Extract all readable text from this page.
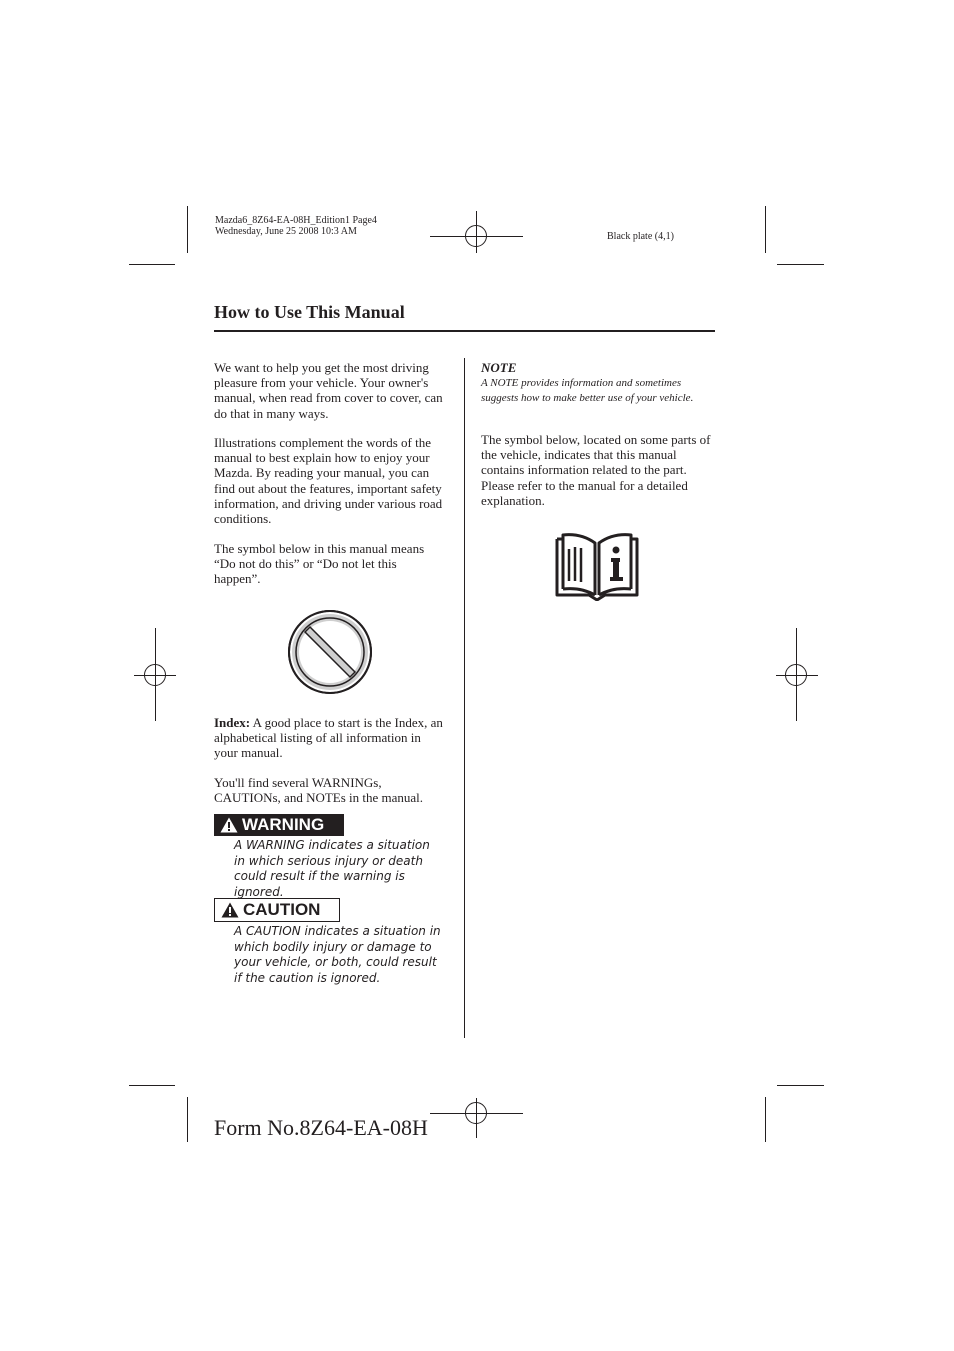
Mazda6_8Z64-EA-08H_Edition1 Page4
Wednesday, June 25 2008 10:3 AM	Black plate (4,1)
How to Use This Manual

We want to help you get the most driving pleasure from your vehicle. Your owner's manual, when read from cover to cover, can do that in many ways.

Illustrations complement the words of the manual to best explain how to enjoy your Mazda. By reading your manual, you can find out about the features, important safety information, and driving under various road conditions.

The symbol below in this manual means “Do not do this” or “Do not let this happen”.

Index: A good place to start is the Index, an alphabetical listing of all information in your manual.

You'll find several WARNINGs, CAUTIONs, and NOTEs in the manual.

WARNING

A WARNING indicates a situation in which serious injury or death could result if the warning is ignored.

CAUTION

A CAUTION indicates a situation in which bodily injury or damage to your vehicle, or both, could result if the caution is ignored.

NOTE

A NOTE provides information and sometimes suggests how to make better use of your vehicle.

The symbol below, located on some parts of the vehicle, indicates that this manual contains information related to the part. Please refer to the manual for a detailed explanation.

Form No.8Z64-EA-08H
